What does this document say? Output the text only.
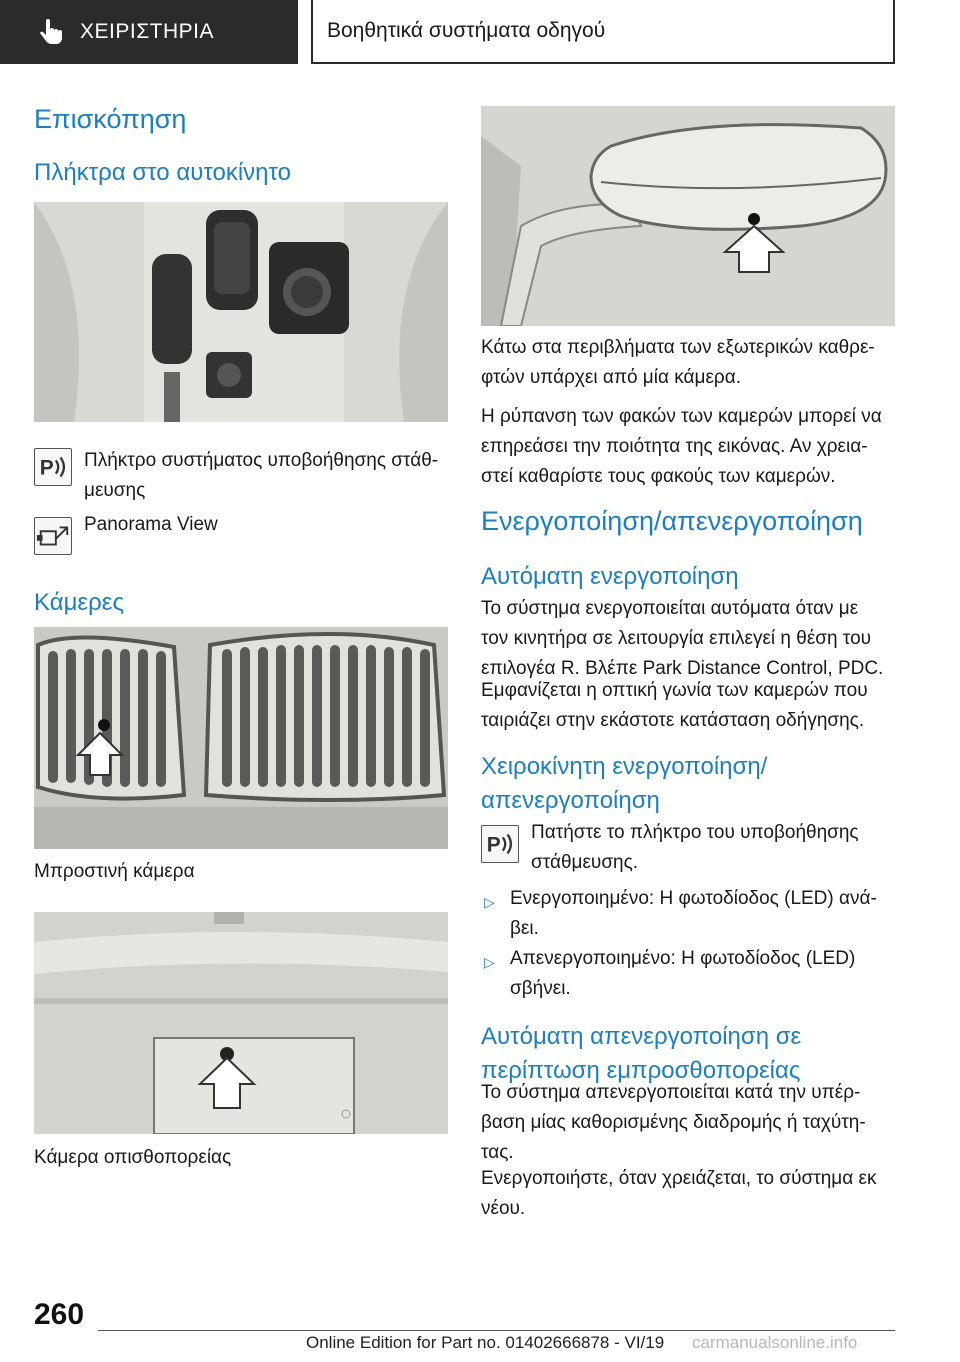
ΧΕΙΡΙΣΤΗΡΙΑ	Βοηθητικά συστήματα οδηγού
Επισκόπηση
Πλήκτρα στο αυτοκίνητο
P Πλήκτρο συστήματος υποβοήθησης στάθ-
μευσης

Panorama View

Κάμερες

Μπροστινή κάμερα

Κάμερα οπισθοπορείας

Κάτω στα περιβλήματα των εξωτερικών καθρε-
φτών υπάρχει από μία κάμερα.

Η ρύπανση των φακών των καμερών μπορεί να
επηρεάσει την ποιότητα της εικόνας. Αν χρεια-
στεί καθαρίστε τους φακούς των καμερών.

Ενεργοποίηση/απενεργοποίηση
Αυτόματη ενεργοποίηση

Το σύστημα ενεργοποιείται αυτόματα όταν με
τον κινητήρα σε λειτουργία επιλεγεί η θέση του
επιλογέα R. Βλέπε Park Distance Control, PDC.

Εμφανίζεται η οπτική γωνία των καμερών που
ταιριάζει στην εκάστοτε κατάσταση οδήγησης.

Χειροκίνητη ενεργοποίηση/
απενεργοποίηση
P

Πατήστε το πλήκτρο του υποβοήθησης
στάθμευσης.

▷ Ενεργοποιημένο: Η φωτοδίοδος (LED) ανά-
βει.

▷ Απενεργοποιημένο: Η φωτοδίοδος (LED)
σβήνει.

Αυτόματη απενεργοποίηση σε
περίπτωση εμπροσθοπορείας

Το σύστημα απενεργοποιείται κατά την υπέρ-
βαση μίας καθορισμένης διαδρομής ή ταχύτη-
τας.

Ενεργοποιήστε, όταν χρειάζεται, το σύστημα εκ
νέου.

260
Online Edition for Part no. 01402666878 - VI/19 carmanualsonline.info
